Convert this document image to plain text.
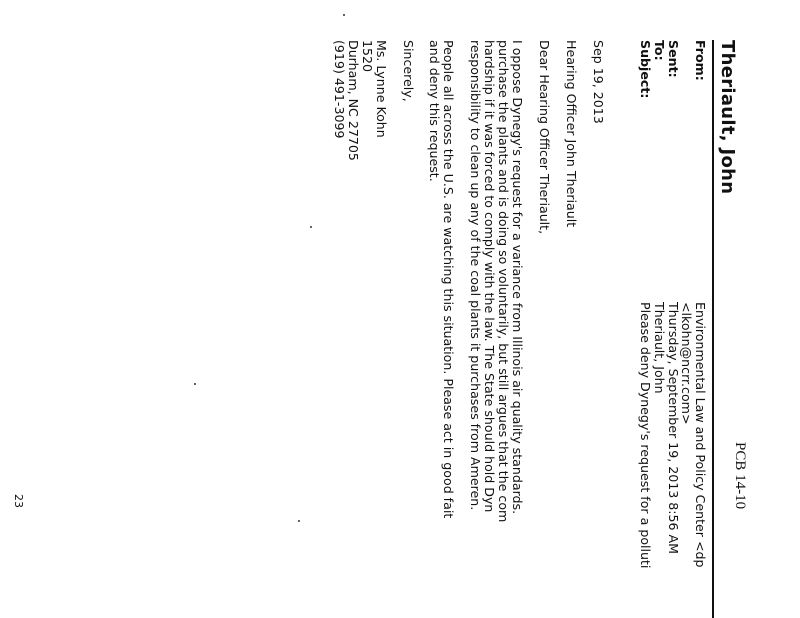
Theriault, John
PCB 14-10
From:
Environmental Law and Policy Center <dp
<lkohn@ncrr.com>
Sent:
Thursday, September 19, 2013 8:56 AM
To:
Theriault, John
Subject:
Please deny Dynegy's request for a polluti
Sep 19, 2013
Hearing Officer John Theriault
Dear Hearing Officer Theriault,
I oppose Dynegy's request for a variance from Illinois air quality standards.
purchase the plants and is doing so voluntarily, but still argues that the com
hardship if it was forced to comply with the law. The State should hold Dyn
responsibility to clean up any of the coal plants it purchases from Ameren.
People all across the U.S. are watching this situation. Please act in good fait
and deny this request.
Sincerely,
Ms. Lynne Kohn
1520
Durham, NC 27705
(919) 491-3099
23
